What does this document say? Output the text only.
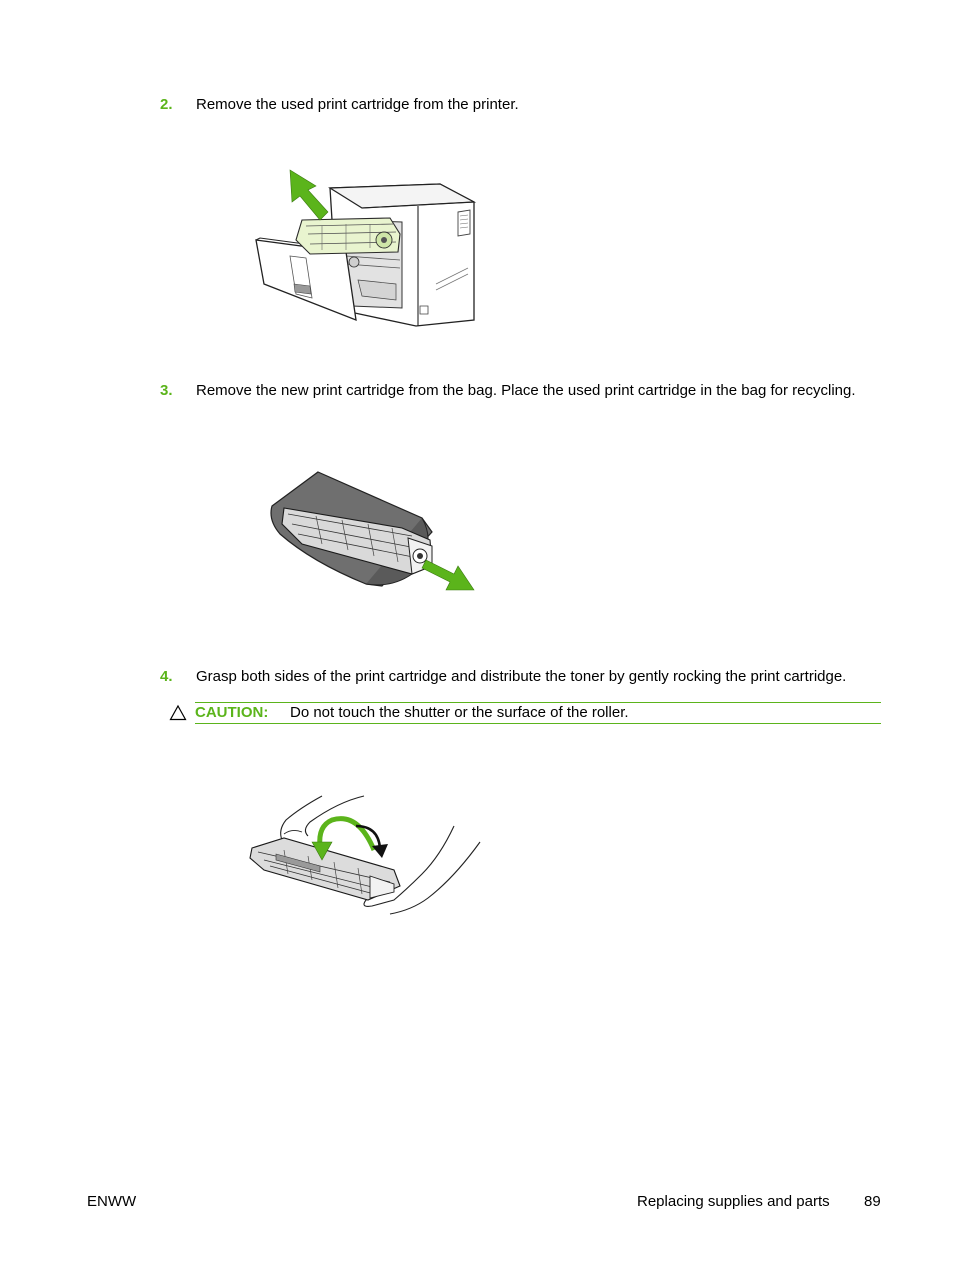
2. Remove the used print cartridge from the printer.
3. Remove the new print cartridge from the bag. Place the used print cartridge in the bag for recycling.
4. Grasp both sides of the print cartridge and distribute the toner by gently rocking the print cartridge.
CAUTION: Do not touch the shutter or the surface of the roller.
ENWW	Replacing supplies and parts 89
